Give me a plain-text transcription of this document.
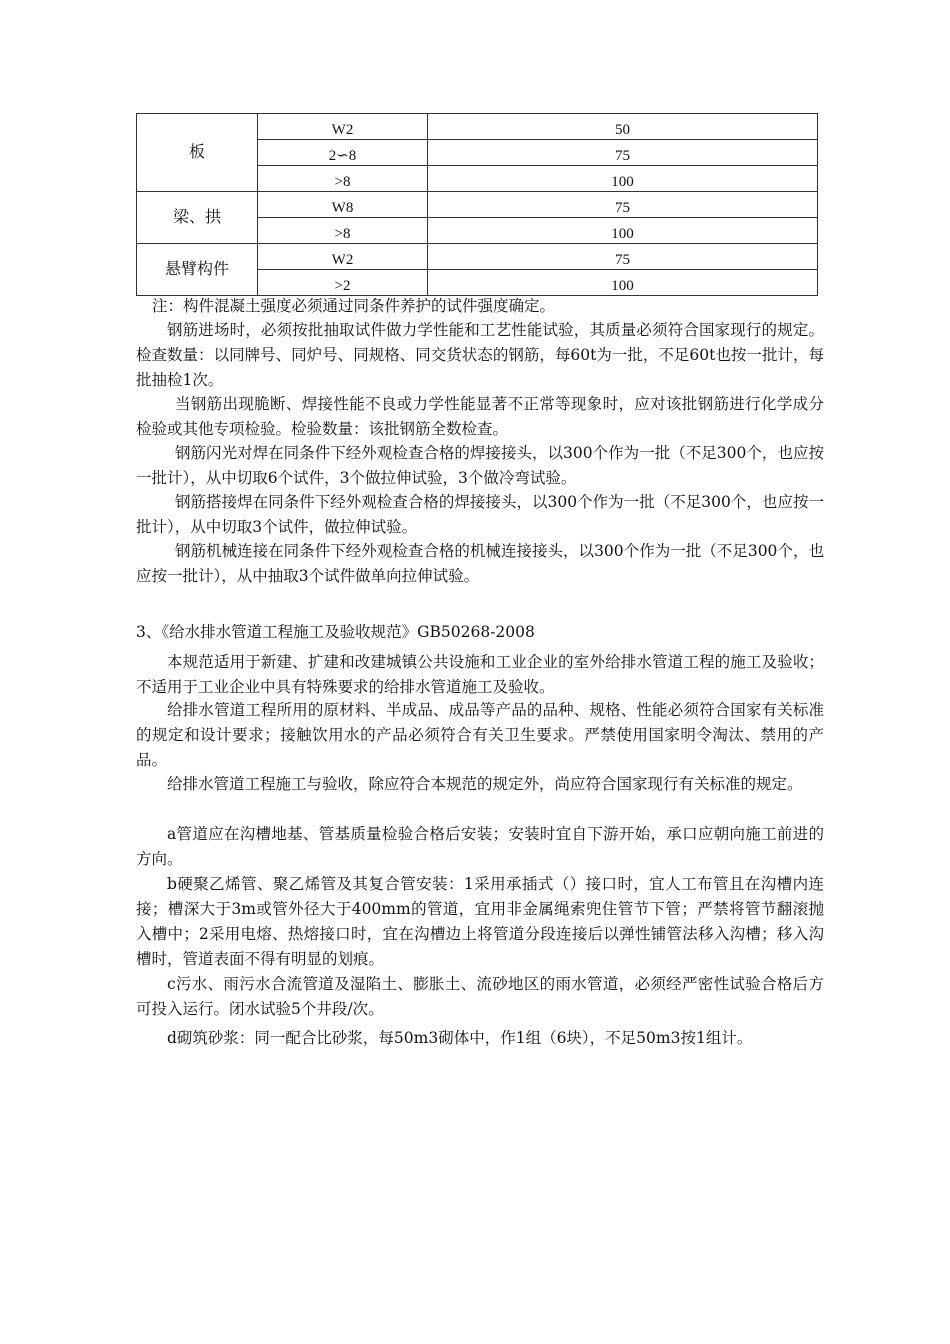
板	W2	50
	2∽8	75
	>8	100
梁、拱	W8	75
	>8	100
悬臂构件	W2	75
	>2	100

注：构件混凝土强度必须通过同条件养护的试件强度确定。

钢筋进场时，必须按批抽取试件做力学性能和工艺性能试验，其质量必须符合国家现行的规定。检查数量：以同牌号、同炉号、同规格、同交货状态的钢筋，每60t为一批，不足60t也按一批计，每批抽检1次。

当钢筋出现脆断、焊接性能不良或力学性能显著不正常等现象时，应对该批钢筋进行化学成分检验或其他专项检验。检验数量：该批钢筋全数检查。

钢筋闪光对焊在同条件下经外观检查合格的焊接接头，以300个作为一批（不足300个，也应按一批计），从中切取6个试件，3个做拉伸试验，3个做冷弯试验。

钢筋搭接焊在同条件下经外观检查合格的焊接接头，以300个作为一批（不足300个，也应按一批计），从中切取3个试件，做拉伸试验。

钢筋机械连接在同条件下经外观检查合格的机械连接接头，以300个作为一批（不足300个，也应按一批计），从中抽取3个试件做单向拉伸试验。

3、《给水排水管道工程施工及验收规范》GB50268-2008

本规范适用于新建、扩建和改建城镇公共设施和工业企业的室外给排水管道工程的施工及验收；不适用于工业企业中具有特殊要求的给排水管道施工及验收。

给排水管道工程所用的原材料、半成品、成品等产品的品种、规格、性能必须符合国家有关标准的规定和设计要求；接触饮用水的产品必须符合有关卫生要求。严禁使用国家明令淘汰、禁用的产品。

给排水管道工程施工与验收，除应符合本规范的规定外，尚应符合国家现行有关标准的规定。

a管道应在沟槽地基、管基质量检验合格后安装；安装时宜自下游开始，承口应朝向施工前进的方向。

b硬聚乙烯管、聚乙烯管及其复合管安装：1采用承插式（）接口时，宜人工布管且在沟槽内连接；槽深大于3m或管外径大于400mm的管道，宜用非金属绳索兜住管节下管；严禁将管节翻滚抛入槽中；2采用电熔、热熔接口时，宜在沟槽边上将管道分段连接后以弹性铺管法移入沟槽；移入沟槽时，管道表面不得有明显的划痕。

c污水、雨污水合流管道及湿陷土、膨胀土、流砂地区的雨水管道，必须经严密性试验合格后方可投入运行。闭水试验5个井段/次。

d砌筑砂浆：同一配合比砂浆，每50m3砌体中，作1组（6块），不足50m3按1组计。
